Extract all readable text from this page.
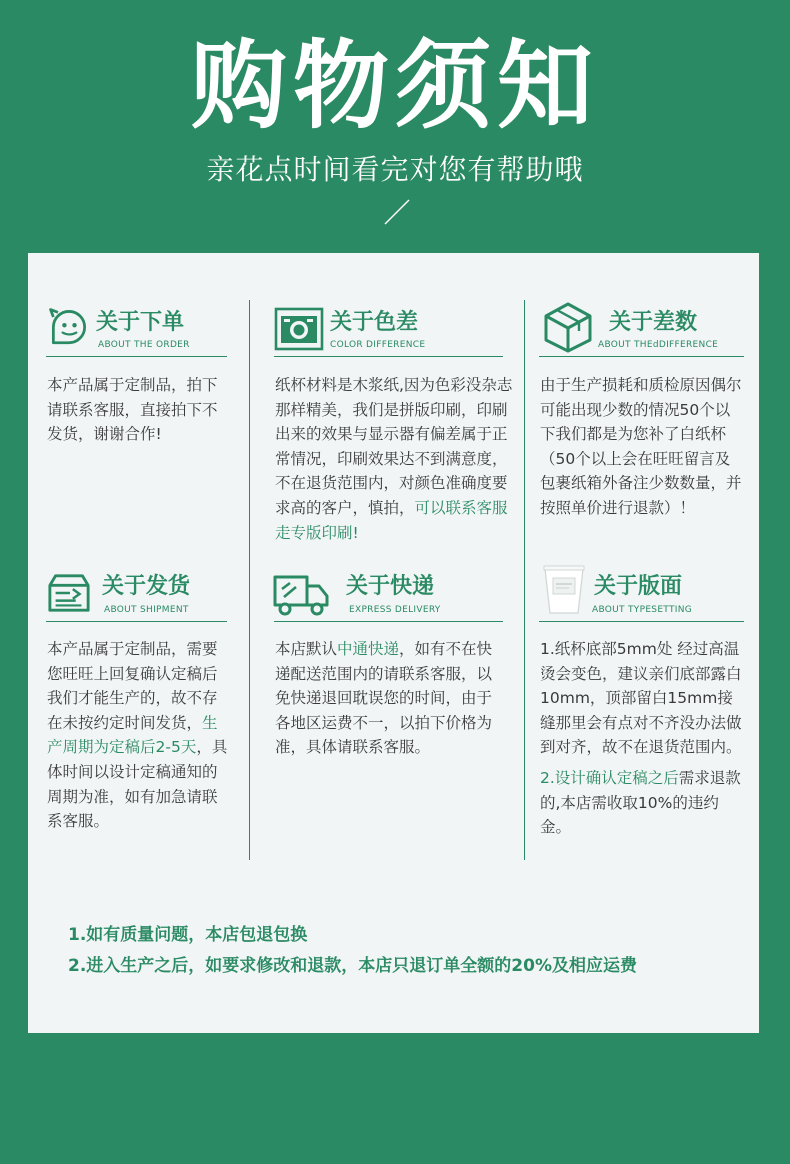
购物须知
亲花点时间看完对您有帮助哦
关于下单
ABOUT THE ORDER
本产品属于定制品，拍下请联系客服，直接拍下不发货，谢谢合作!
关于色差
COLOR DIFFERENCE
纸杯材料是木浆纸,因为色彩没杂志那样精美，我们是拼版印刷，印刷出来的效果与显示器有偏差属于正常情况，印刷效果达不到满意度，不在退货范围内，对颜色准确度要求高的客户，慎拍，可以联系客服走专版印刷!
关于差数
ABOUT THEdDIFFERENCE
由于生产损耗和质检原因偶尔可能出现少数的情况50个以下我们都是为您补了白纸杯（50个以上会在旺旺留言及包裹纸箱外备注少数数量，并按照单价进行退款）！
关于发货
ABOUT SHIPMENT
本产品属于定制品，需要您旺旺上回复确认定稿后我们才能生产的，故不存在未按约定时间发货，生产周期为定稿后2-5天，具体时间以设计定稿通知的周期为准，如有加急请联系客服。
关于快递
EXPRESS DELIVERY
本店默认中通快递，如有不在快递配送范围内的请联系客服，以免快递退回耽误您的时间，由于各地区运费不一，以拍下价格为准，具体请联系客服。
关于版面
ABOUT TYPESETTING

1.纸杯底部5mm处 经过高温烫会变色，建议亲们底部露白10mm，顶部留白15mm接缝那里会有点对不齐没办法做到对齐，故不在退货范围内。

2.设计确认定稿之后需求退款的,本店需收取10%的违约金。

1.如有质量问题，本店包退包换
2.进入生产之后，如要求修改和退款，本店只退订单全额的20%及相应运费
